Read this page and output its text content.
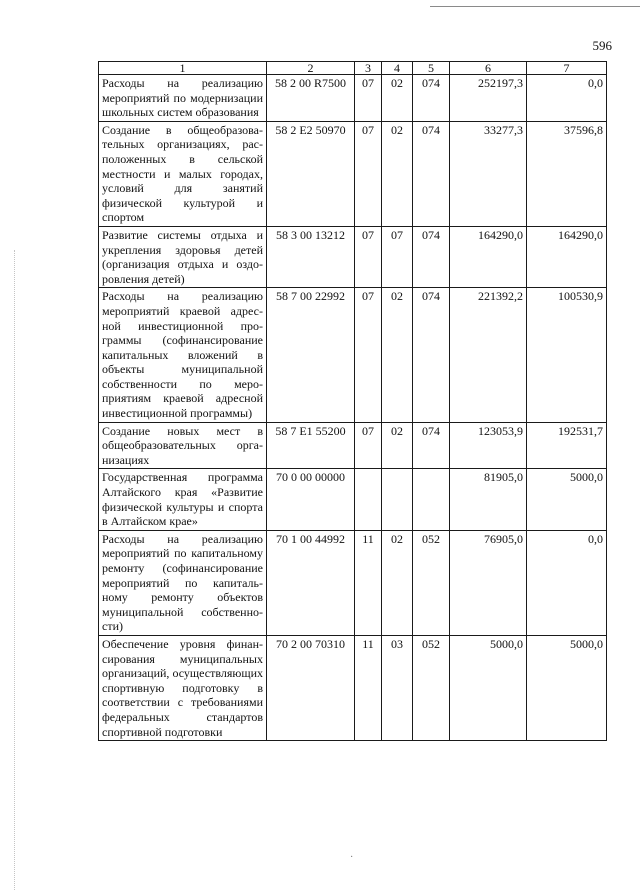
596
1	2	3	4	5	6	7
Расходы на реализацию мероприятий по модернизации школьных систем образования	58 2 00 R7500	07	02	074	252197,3	0,0
Создание в общеобразовательных организациях, расположенных в сельской местности и малых городах, условий для занятий физической культурой и спортом	58 2 E2 50970	07	02	074	33277,3	37596,8
Развитие системы отдыха и укрепления здоровья детей (организация отдыха и оздоровления детей)	58 3 00 13212	07	07	074	164290,0	164290,0
Расходы на реализацию мероприятий краевой адресной инвестиционной программы (софинансирование капитальных вложений в объекты муниципальной собственности по мероприятиям краевой адресной инвестиционной программы)	58 7 00 22992	07	02	074	221392,2	100530,9
Создание новых мест в общеобразовательных организациях	58 7 E1 55200	07	02	074	123053,9	192531,7
Государственная программа Алтайского края «Развитие физической культуры и спорта в Алтайском крае»	70 0 00 00000				81905,0	5000,0
Расходы на реализацию мероприятий по капитальному ремонту (софинансирование мероприятий по капиталь-ному ремонту объектов муниципальной собственности)	70 1 00 44992	11	02	052	76905,0	0,0
Обеспечение уровня финансирования муниципальных организаций, осуществляющих спортивную подготовку в соответствии с требованиями федеральных стандартов спортивной подготовки	70 2 00 70310	11	03	052	5000,0	5000,0
·
